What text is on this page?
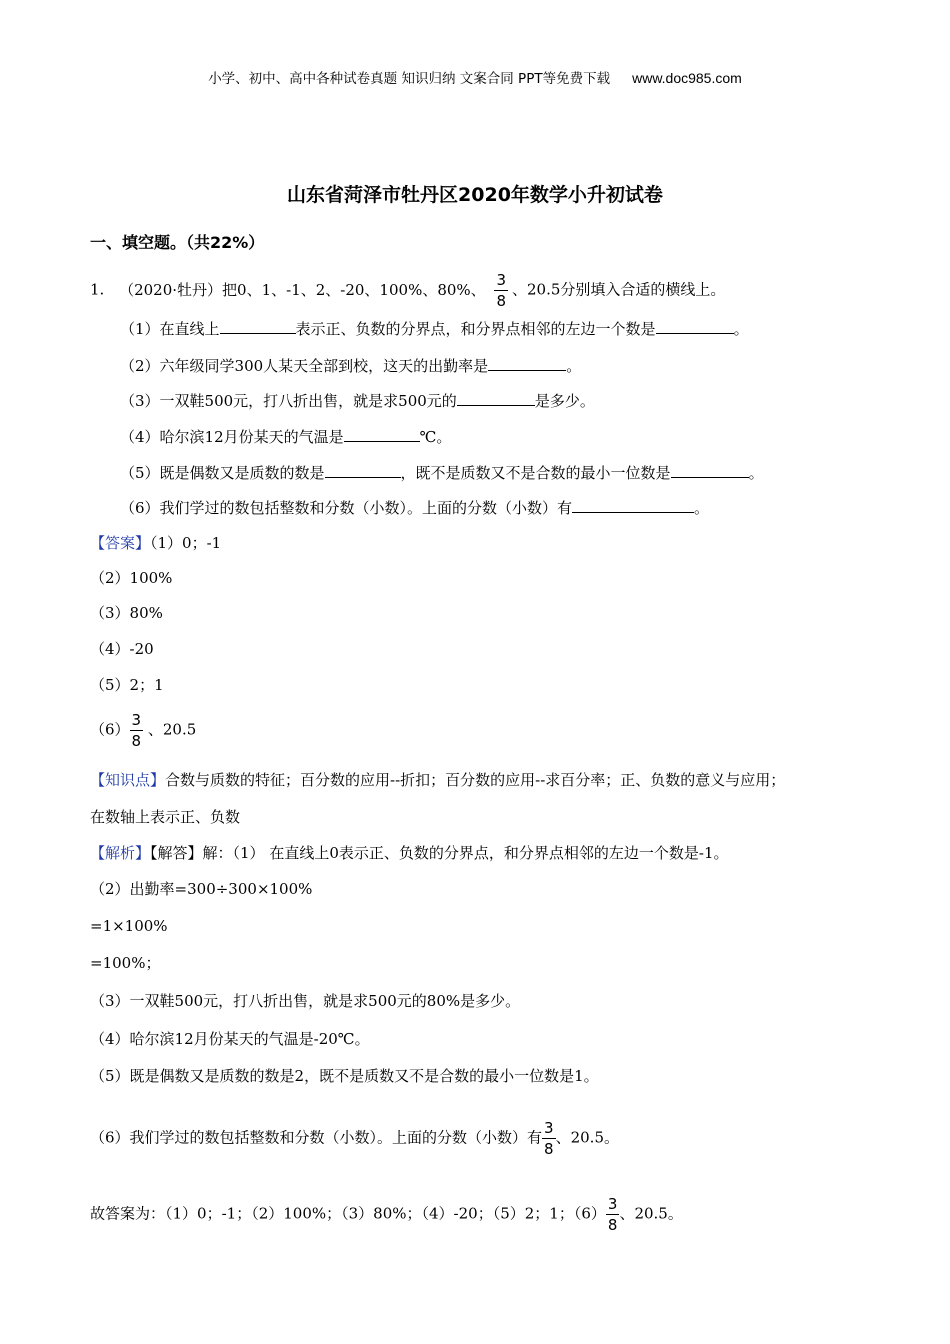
小学、初中、高中各种试卷真题 知识归纳 文案合同 PPT等免费下载 www.doc985.com
山东省菏泽市牡丹区2020年数学小升初试卷
一、填空题。（共22%）
1. （2020·牡丹）把0、1、-1、2、-20、100%、80%、 $\frac{3}{8}$ 、20.5分别填入合适的横线上。
（1）在直线上	表示正、负数的分界点，和分界点相邻的左边一个数是	。
（2）六年级同学300人某天全部到校，这天的出勤率是	。
（3）一双鞋500元，打八折出售，就是求500元的	是多少。
（4）哈尔滨12月份某天的气温是	℃。
（5）既是偶数又是质数的数是	，既不是质数又不是合数的最小一位数是	。
（6）我们学过的数包括整数和分数（小数）。上面的分数（小数）有	。
【答案】（1）0；-1
（2）100%
（3）80%
（4）-20
（5）2；1
$(6) \frac{3}{8}$ 、20.5
【知识点】合数与质数的特征；百分数的应用--折扣；百分数的应用--求百分率；正、负数的意义与应用；
在数轴上表示正、负数
【解析】【解答】解：（1） 在直线上0表示正、负数的分界点，和分界点相邻的左边一个数是-1。
（2）出勤率=300÷300×100%
=1×100%
=100%；
（3）一双鞋500元，打八折出售，就是求500元的80%是多少。
（4）哈尔滨12月份某天的气温是-20℃。
（5）既是偶数又是质数的数是2，既不是质数又不是合数的最小一位数是1。
（6）我们学过的数包括整数和分数（小数）。上面的分数（小数）有 $\frac{3}{8}$ 、20.5。
故答案为：（1）0；-1；（2）100%；（3）80%；（4）-20；（5）2；1；$(6) \frac{3}{8}$ 、20.5。
